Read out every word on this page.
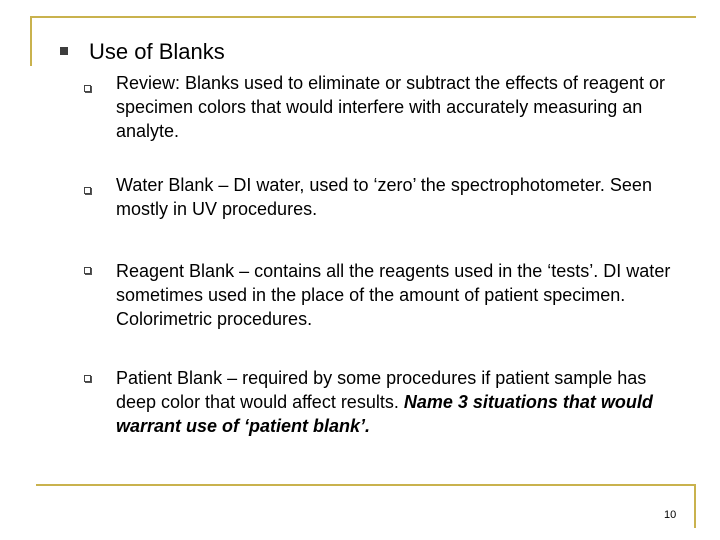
Use of Blanks
Review: Blanks used to eliminate or subtract the effects of reagent or specimen colors that would interfere with accurately measuring an analyte.
Water Blank – DI water, used to ‘zero’ the spectrophotometer. Seen mostly in UV procedures.
Reagent Blank – contains all the reagents used in the ‘tests’. DI water sometimes used in the place of the amount of patient specimen. Colorimetric procedures.
Patient Blank – required by some procedures if patient sample has deep color that would affect results. Name 3 situations that would warrant use of ‘patient blank’.
10
